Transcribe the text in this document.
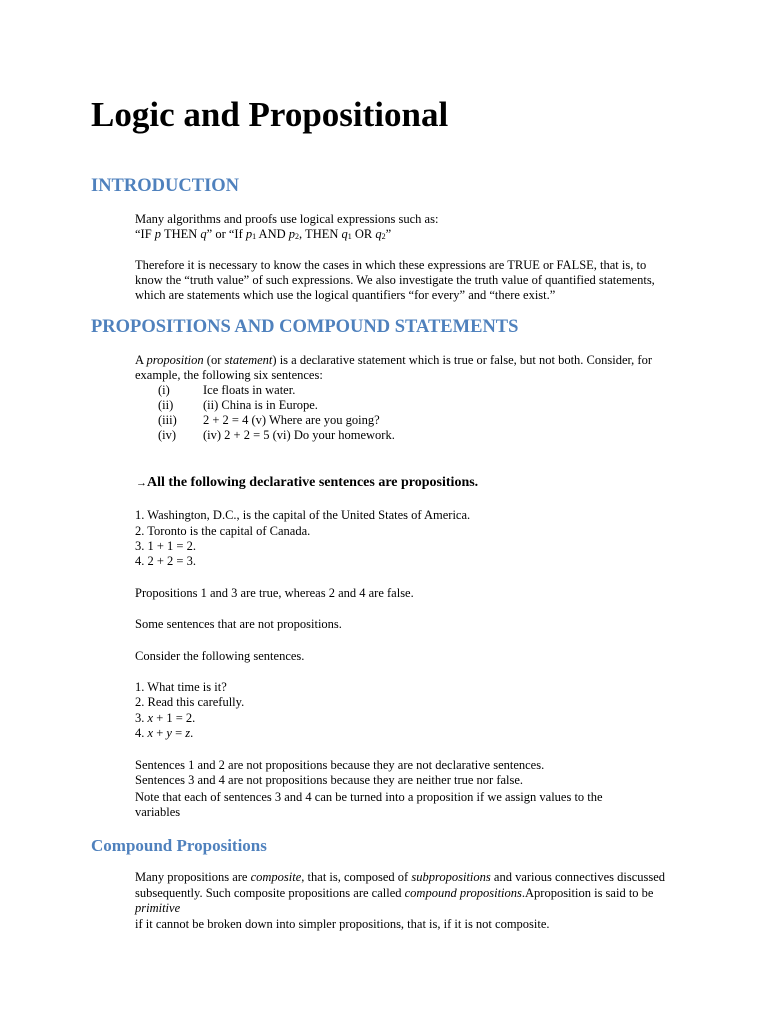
Logic and Propositional
INTRODUCTION
Many algorithms and proofs use logical expressions such as:
“IF p THEN q” or “If $p_1$ AND $p_2$, THEN $q_1$ OR $q_2$”
Therefore it is necessary to know the cases in which these expressions are TRUE or FALSE, that is, to
know the “truth value” of such expressions. We also investigate the truth value of quantified statements,
which are statements which use the logical quantifiers “for every” and “there exist.”
PROPOSITIONS AND COMPOUND STATEMENTS
A proposition (or statement) is a declarative statement which is true or false, but not both. Consider, for
example, the following six sentences:
(i)	Ice floats in water.
(ii) (ii) China is in Europe.
(iii) 2 + 2 = 4 (v) Where are you going?
(iv) (iv) 2 + 2 = 5 (vi) Do your homework.
→All the following declarative sentences are propositions.
1. Washington, D.C., is the capital of the United States of America.
2. Toronto is the capital of Canada.
3. 1 + 1 = 2.
4. 2 + 2 = 3.
Propositions 1 and 3 are true, whereas 2 and 4 are false.
Some sentences that are not propositions.
Consider the following sentences.
1. What time is it?
2. Read this carefully.
3. x + 1 = 2.
4. x + y = z.
Sentences 1 and 2 are not propositions because they are not declarative sentences.
Sentences 3 and 4 are not propositions because they are neither true nor false.
Note that each of sentences 3 and 4 can be turned into a proposition if we assign values to the
variables
Compound Propositions
Many propositions are composite, that is, composed of subpropositions and various connectives discussed
subsequently. Such composite propositions are called compound propositions.Aproposition is said to be
primitive
if it cannot be broken down into simpler propositions, that is, if it is not composite.
